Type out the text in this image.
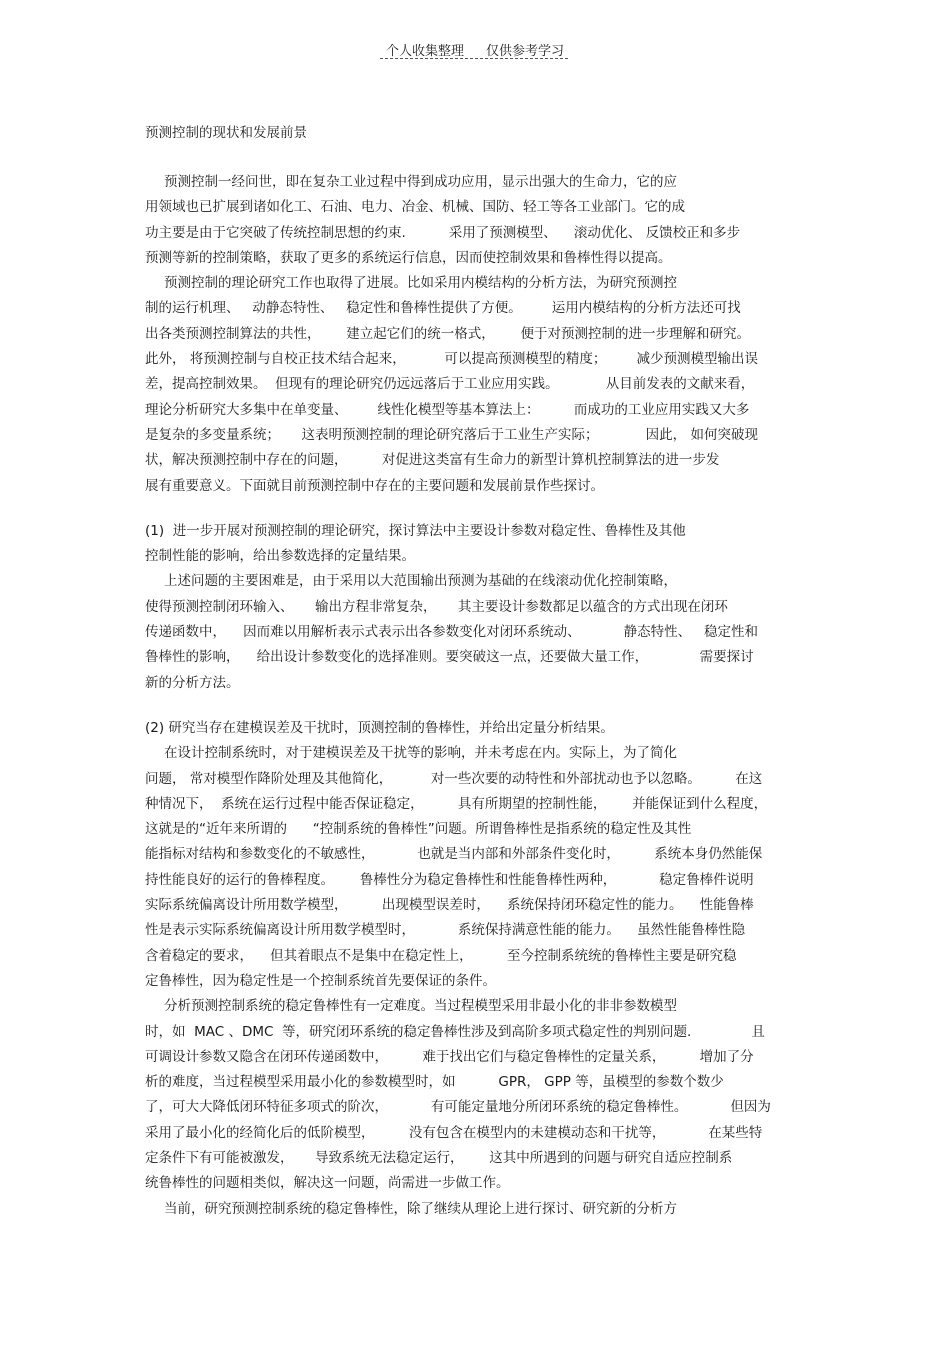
个人收集整理 仅供参考学习
预测控制的现状和发展前景
预测控制一经问世，即在复杂工业过程中得到成功应用，显示出强大的生命力，它的应
用领域也已扩展到诸如化工、石油、电力、冶金、机械、国防、轻工等各工业部门。它的成
功主要是由于它突破了传统控制思想的约束.          采用了预测模型、    滚动优化、 反馈校正和多步
预测等新的控制策略，获取了更多的系统运行信息，因而使控制效果和鲁棒性得以提高。
预测控制的理论研究工作也取得了进展。比如采用内模结构的分析方法，为研究预测控
制的运行机理、   动静态特性、   稳定性和鲁棒性提供了方便。       运用内模结构的分析方法还可找
出各类预测控制算法的共性，      建立起它们的统一格式，      便于对预测控制的进一步理解和研究。
此外， 将预测控制与自校正技术结合起来，         可以提高预测模型的精度；       减少预测模型输出误
差，提高控制效果。  但现有的理论研究仍远远落后于工业应用实践。           从目前发表的文献来看，
理论分析研究大多集中在单变量、       线性化模型等基本算法上：        而成功的工业应用实践又大多
是复杂的多变量系统；     这表明预测控制的理论研究落后于工业生产实际；           因此， 如何突破现
状，解决预测控制中存在的问题，        对促进这类富有生命力的新型计算机控制算法的进一步发
展有重要意义。下面就目前预测控制中存在的主要问题和发展前景作些探讨。
(1)  进一步开展对预测控制的理论研究，探讨算法中主要设计参数对稳定性、鲁棒性及其他
控制性能的影响，给出参数选择的定量结果。
上述问题的主要困难是，由于采用以大范围输出预测为基础的在线滚动优化控制策略，
使得预测控制闭环输入、     输出方程非常复杂，     其主要设计参数都足以蕴含的方式出现在闭环
传递函数中，    因而难以用解析表示式表示出各参数变化对闭环系统动、          静态特性、   稳定性和
鲁棒性的影响，    给出设计参数变化的选择准则。要突破这一点，还要做大量工作，            需要探讨
新的分析方法。
(2) 研究当存在建模误差及干扰时，顶测控制的鲁棒性，并给出定量分析结果。
在设计控制系统时，对于建模误差及干扰等的影响，并未考虑在内。实际上，为了简化
问题， 常对模型作降阶处理及其他简化，         对一些次要的动特性和外部扰动也予以忽略。        在这
种情况下，  系统在运行过程中能否保证稳定，        具有所期望的控制性能，      并能保证到什么程度，
这就是的“近年来所谓的      “控制系统的鲁棒性”问题。所谓鲁棒性是指系统的稳定性及其性
能指标对结构和参数变化的不敏感性，          也就是当内部和外部条件变化时，        系统本身仍然能保
持性能良好的运行的鲁棒程度。      鲁棒性分为稳定鲁棒性和性能鲁棒性两种，          稳定鲁棒件说明
实际系统偏离设计所用数学模型，        出现模型误差时，    系统保持闭环稳定性的能力。    性能鲁棒
性是表示实际系统偏离设计所用数学模型时，          系统保持满意性能的能力。    虽然性能鲁棒性隐
含着稳定的要求，    但其着眼点不是集中在稳定性上，        至今控制系统统的鲁棒性主要是研究稳
定鲁棒性，因为稳定性是一个控制系统首先要保证的条件。
分析预测控制系统的稳定鲁棒性有一定难度。当过程模型采用非最小化的非非参数模型
时，如  MAC 、DMC  等，研究闭环系统的稳定鲁棒性涉及到高阶多项式稳定性的判别问题.              且
可调设计参数又隐含在闭环传递函数中，        难于找出它们与稳定鲁棒性的定量关系，        增加了分
析的难度，当过程模型采用最小化的参数模型时，如          GPR， GPP 等，虽模型的参数个数少
了，可大大降低闭环特征多项式的阶次，          有可能定量地分所闭环系统的稳定鲁棒性。          但因为
采用了最小化的经简化后的低阶模型，        没有包含在模型内的未建模动态和干扰等，          在某些特
定条件下有可能被激发，     导致系统无法稳定运行，      这其中所遇到的问题与研究自适应控制系
统鲁棒性的问题相类似，解决这一问题，尚需进一步做工作。
当前，研究预测控制系统的稳定鲁棒性，除了继续从理论上进行探讨、研究新的分析方
